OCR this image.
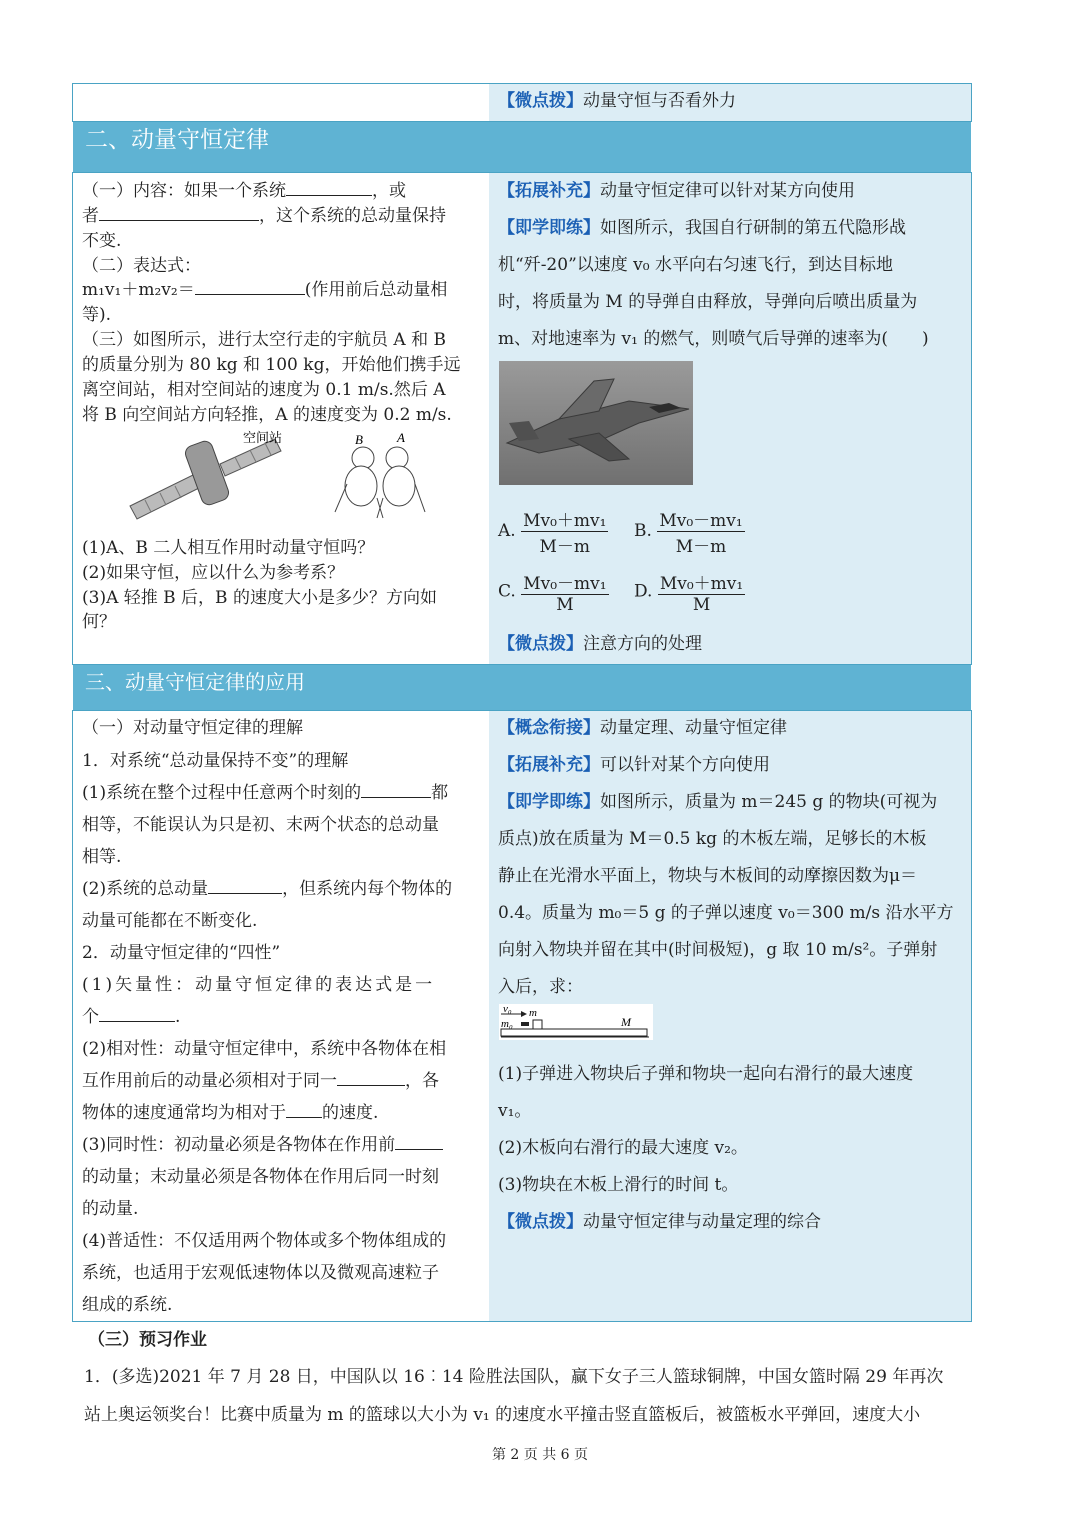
【微点拨】动量守恒与否看外力
二、动量守恒定律
（一）内容：如果一个系统	，或
者	，这个系统的总动量保持
不变.
（二）表达式：
m₁v₁＋m₂v₂＝	(作用前后总动量相
等).
（三）如图所示，进行太空行走的宇航员 A 和 B
的质量分别为 80 kg 和 100 kg，开始他们携手远
离空间站，相对空间站的速度为 0.1 m/s.然后 A
将 B 向空间站方向轻推，A 的速度变为 0.2 m/s.
空间站	B	A
(1)A、B 二人相互作用时动量守恒吗？
(2)如果守恒，应以什么为参考系？
(3)A 轻推 B 后，B 的速度大小是多少？方向如
何？
【拓展补充】动量守恒定律可以针对某方向使用
【即学即练】如图所示，我国自行研制的第五代隐形战
机“歼-20”以速度 v₀ 水平向右匀速飞行，到达目标地
时，将质量为 M 的导弹自由释放，导弹向后喷出质量为
m、对地速率为 v₁ 的燃气，则喷气后导弹的速率为(　　)
A. $\frac{\text{Mv₀＋mv₁}}{M-m} B$. $\frac{\text{Mv₀－mv₁}}{M-m}$
C. $\frac{\text{Mv₀－mv₁}}{M} D$. $\frac{\text{Mv₀＋mv₁}}{M}$
【微点拨】注意方向的处理
三、动量守恒定律的应用
（一）对动量守恒定律的理解
1．对系统“总动量保持不变”的理解
(1)系统在整个过程中任意两个时刻的	都
相等，不能误认为只是初、末两个状态的总动量
相等.
(2)系统的总动量	，但系统内每个物体的
动量可能都在不断变化.
2．动量守恒定律的“四性”
(1)矢量性：动量守恒定律的表达式是一
个	.
(2)相对性：动量守恒定律中，系统中各物体在相
互作用前后的动量必须相对于同一	，各
物体的速度通常均为相对于 的速度.
(3)同时性：初动量必须是各物体在作用前
的动量；末动量必须是各物体在作用后同一时刻
的动量.
(4)普适性：不仅适用两个物体或多个物体组成的
系统，也适用于宏观低速物体以及微观高速粒子
组成的系统.
【概念衔接】动量定理、动量守恒定律
【拓展补充】可以针对某个方向使用
【即学即练】如图所示，质量为 m＝245 g 的物块(可视为
质点)放在质量为 M＝0.5 kg 的木板左端，足够长的木板
静止在光滑水平面上，物块与木板间的动摩擦因数为μ＝
0.4。质量为 m₀＝5 g 的子弹以速度 v₀＝300 m/s 沿水平方
向射入物块并留在其中(时间极短)，g 取 10 m/s²。子弹射
入后，求：
v₀ m
m₀	M
(1)子弹进入物块后子弹和物块一起向右滑行的最大速度
v₁。
(2)木板向右滑行的最大速度 v₂。
(3)物块在木板上滑行的时间 t。
【微点拨】动量守恒定律与动量定理的综合
（三）预习作业
1．(多选)2021 年 7 月 28 日，中国队以 16︰14 险胜法国队，赢下女子三人篮球铜牌，中国女篮时隔 29 年再次
站上奥运领奖台！比赛中质量为 m 的篮球以大小为 v₁ 的速度水平撞击竖直篮板后，被篮板水平弹回，速度大小
第 2 页 共 6 页
